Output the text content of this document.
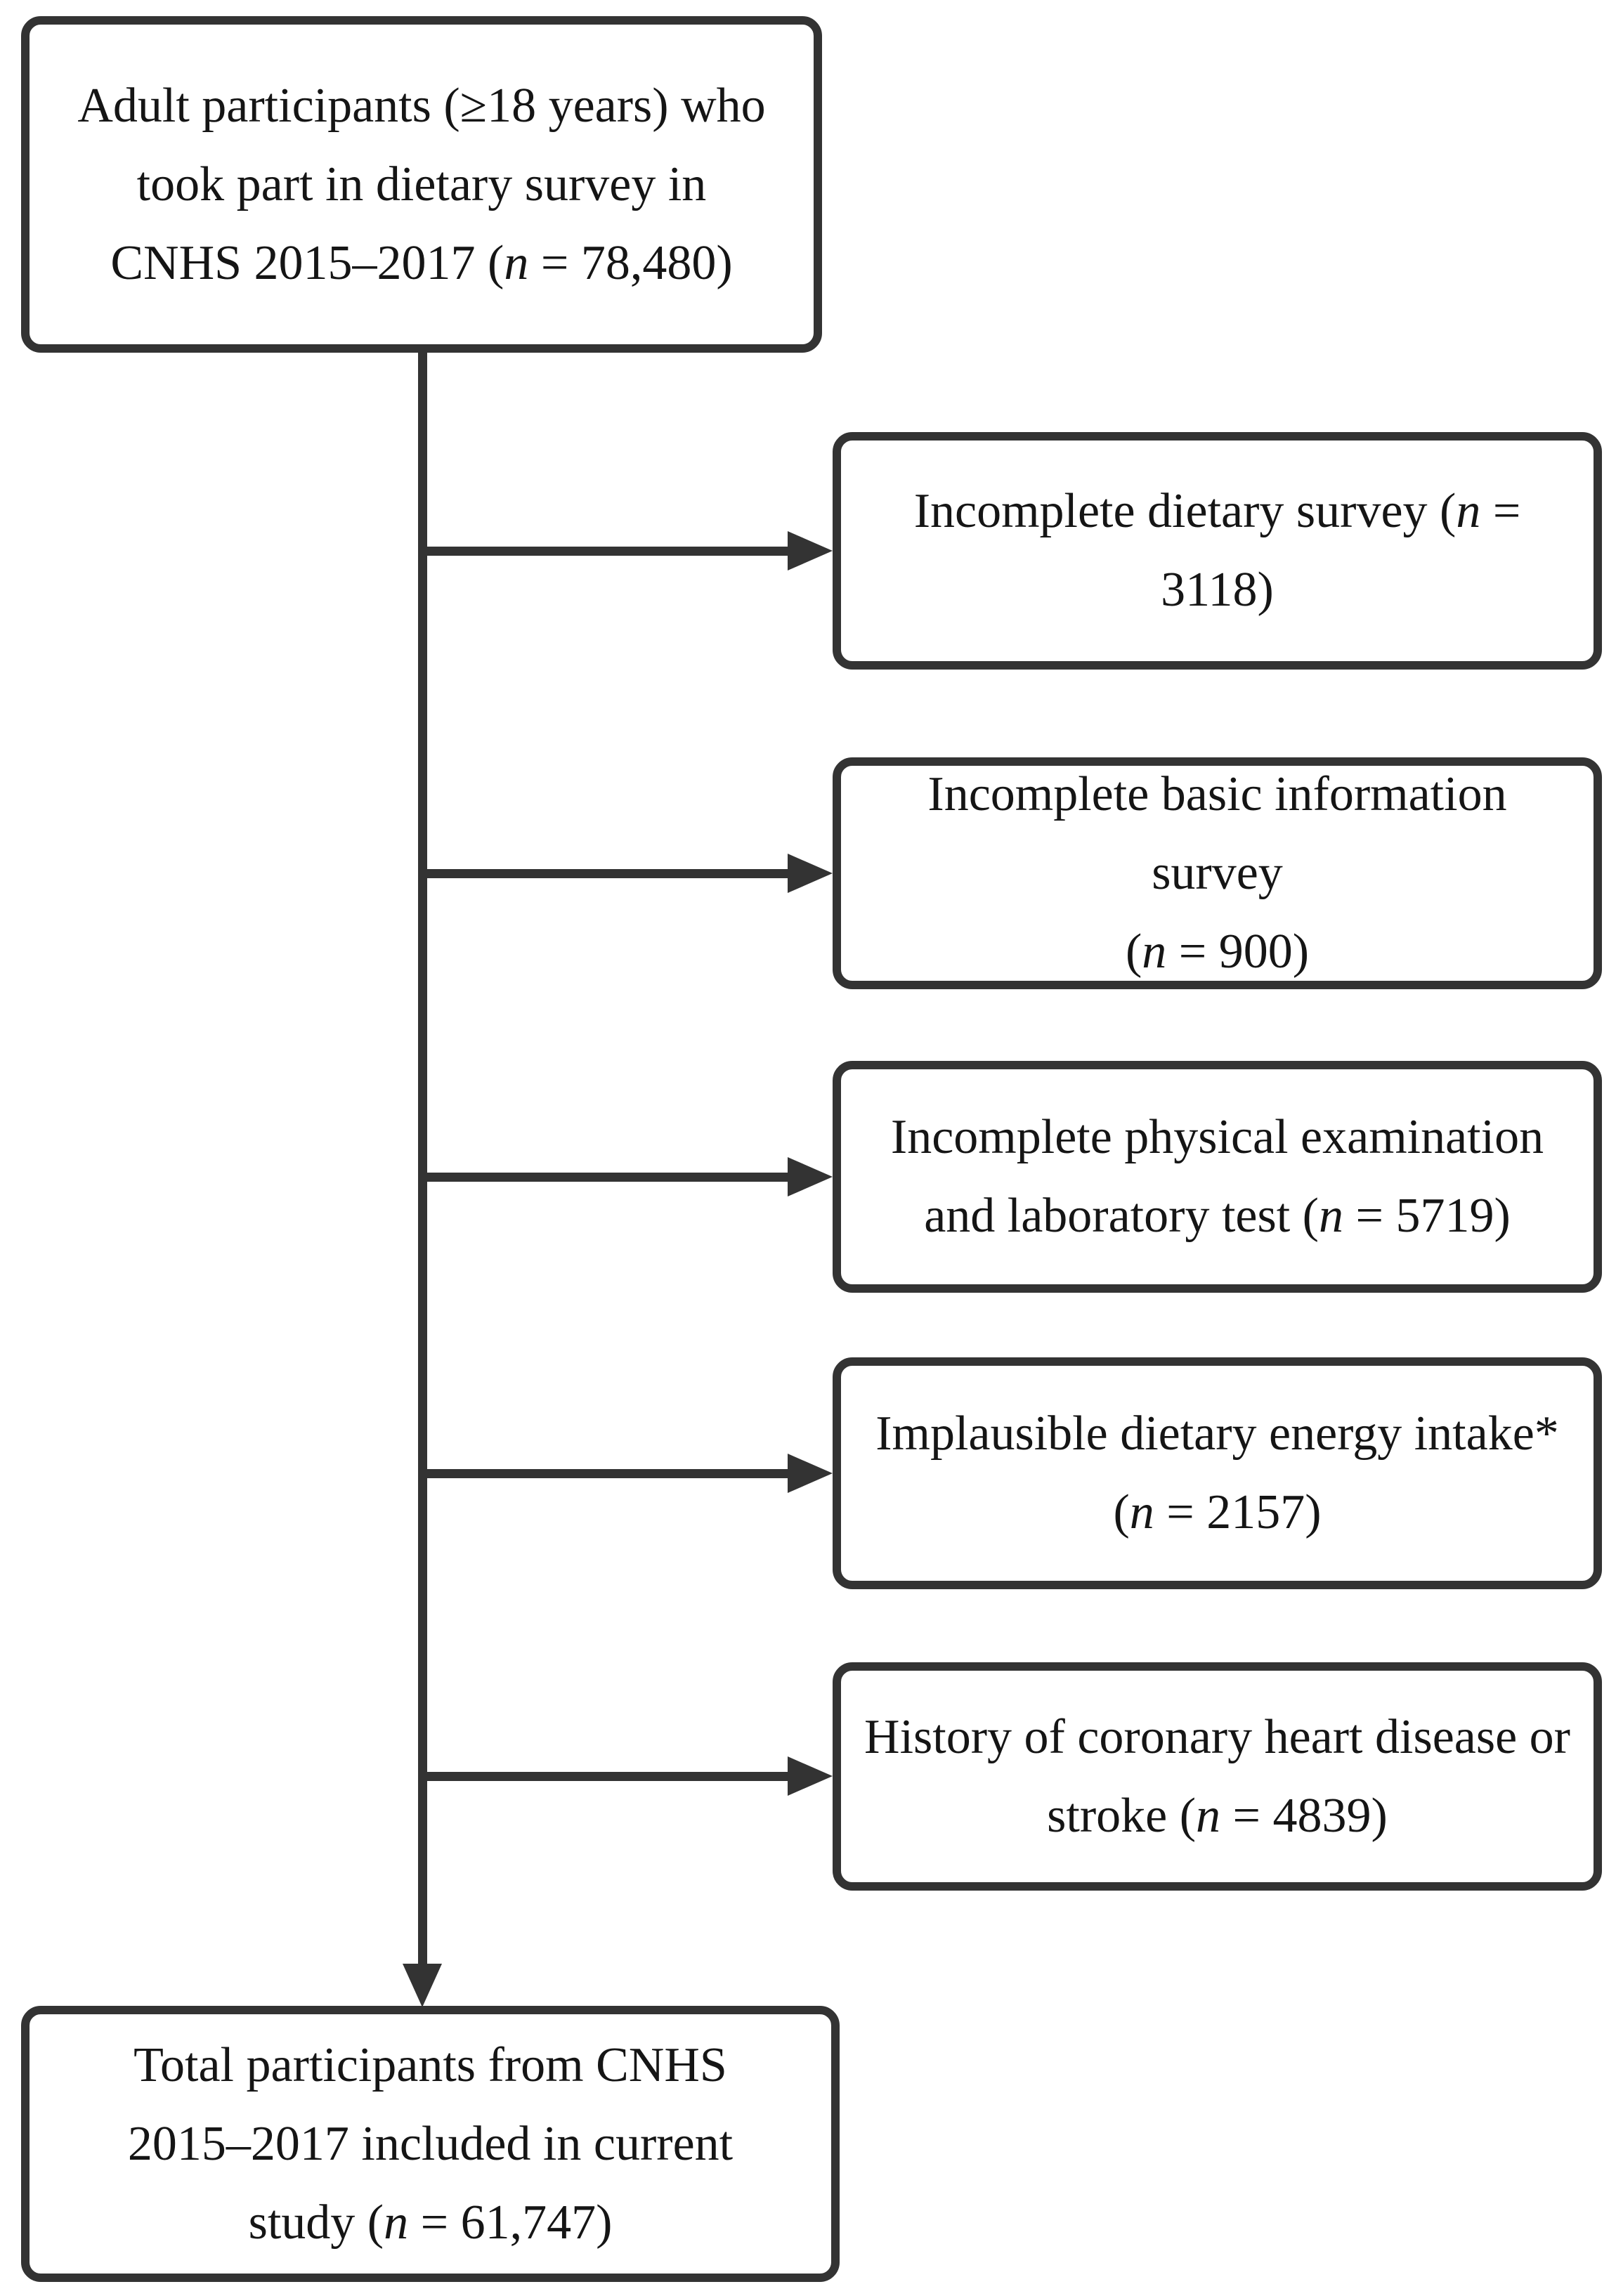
Adult participants (≥18 years) who
took part in dietary survey in
CNHS 2015–2017 (n = 78,480)
Incomplete dietary survey (n =
3118)
Incomplete basic information survey
(n = 900)
Incomplete physical examination
and laboratory test (n = 5719)
Implausible dietary energy intake*
(n = 2157)
History of coronary heart disease or
stroke (n = 4839)
Total participants from CNHS
2015–2017 included in current
study (n = 61,747)
